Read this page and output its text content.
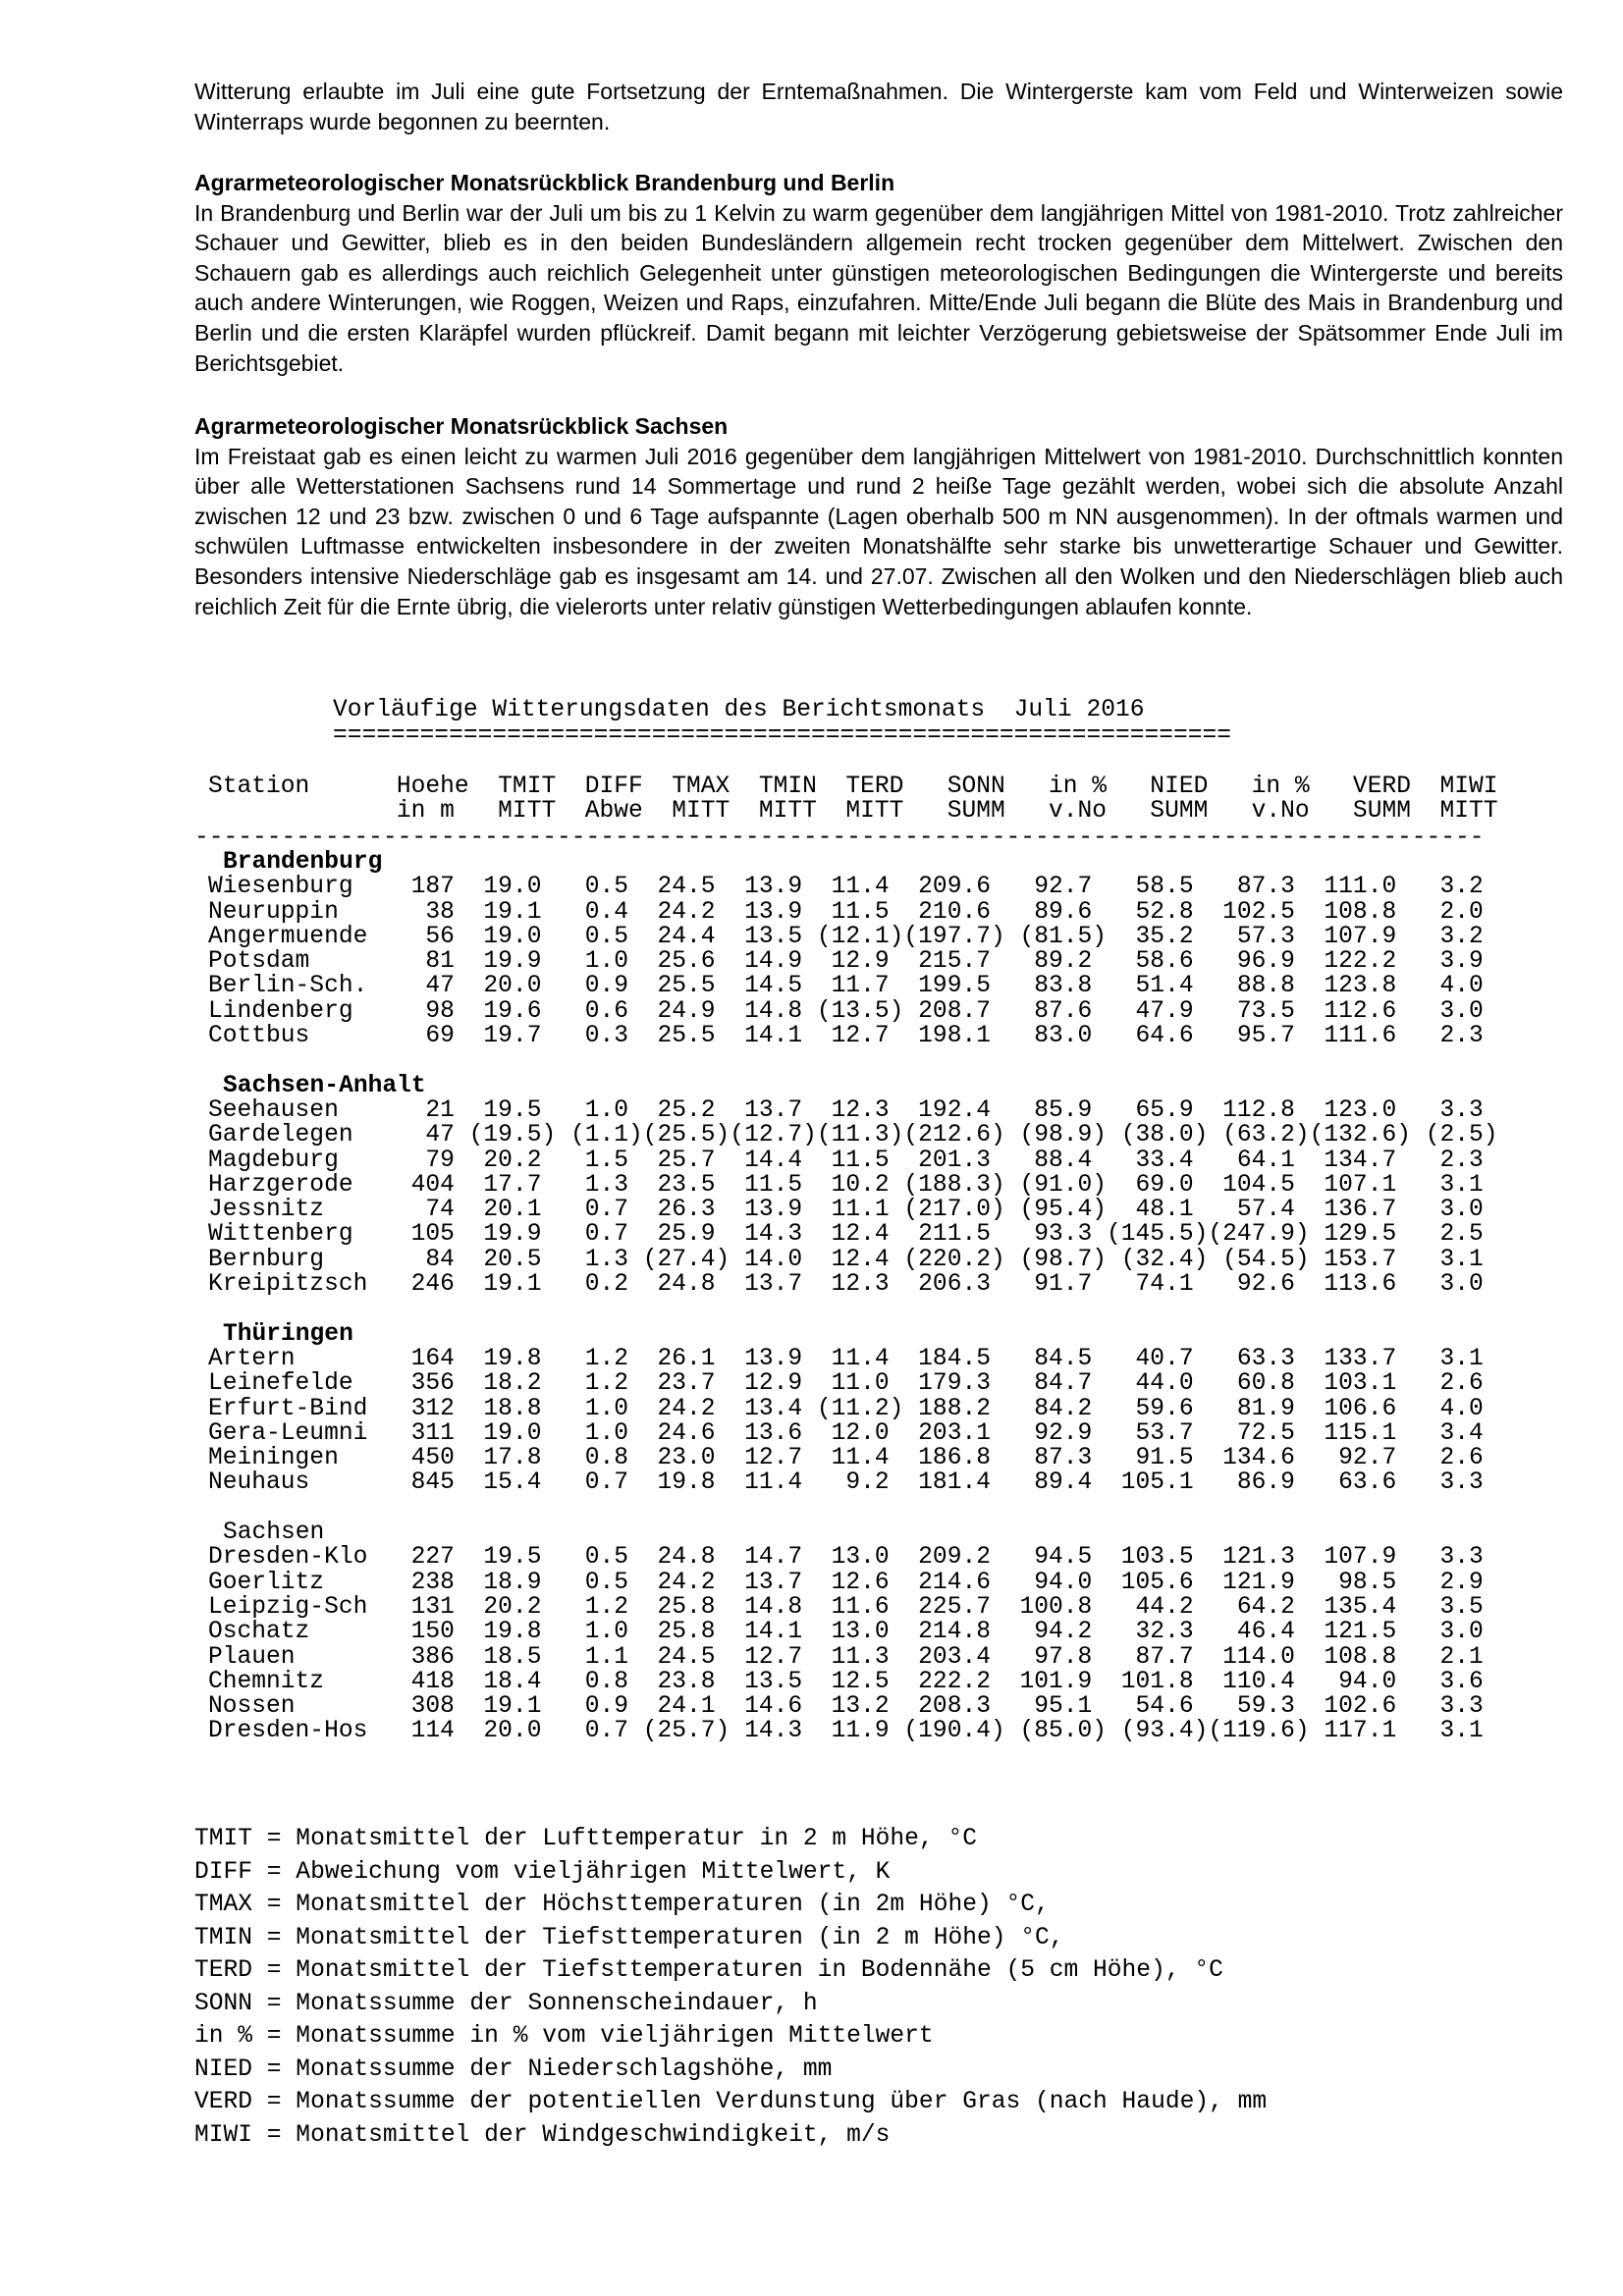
Witterung erlaubte im Juli eine gute Fortsetzung der Erntemaßnahmen. Die Wintergerste kam vom Feld und Winterweizen sowie Winterraps wurde begonnen zu beernten.

Agrarmeteorologischer Monatsrückblick Brandenburg und Berlin

In Brandenburg und Berlin war der Juli um bis zu 1 Kelvin zu warm gegenüber dem langjährigen Mittel von 1981-2010. Trotz zahlreicher Schauer und Gewitter, blieb es in den beiden Bundesländern allgemein recht trocken gegenüber dem Mittelwert. Zwischen den Schauern gab es allerdings auch reichlich Gelegenheit unter günstigen meteorologischen Bedingungen die Wintergerste und bereits auch andere Winterungen, wie Roggen, Weizen und Raps, einzufahren. Mitte/Ende Juli begann die Blüte des Mais in Brandenburg und Berlin und die ersten Klaräpfel wurden pflückreif. Damit begann mit leichter Verzögerung gebietsweise der Spätsommer Ende Juli im Berichtsgebiet.

Agrarmeteorologischer Monatsrückblick Sachsen

Im Freistaat gab es einen leicht zu warmen Juli 2016 gegenüber dem langjährigen Mittelwert von 1981-2010. Durchschnittlich konnten über alle Wetterstationen Sachsens rund 14 Sommertage und rund 2 heiße Tage gezählt werden, wobei sich die absolute Anzahl zwischen 12 und 23 bzw. zwischen 0 und 6 Tage aufspannte (Lagen oberhalb 500 m NN ausgenommen). In der oftmals warmen und schwülen Luftmasse entwickelten insbesondere in der zweiten Monatshälfte sehr starke bis unwetterartige Schauer und Gewitter. Besonders intensive Niederschläge gab es insgesamt am 14. und 27.07. Zwischen all den Wolken und den Niederschlägen blieb auch reichlich Zeit für die Ernte übrig, die vielerorts unter relativ günstigen Wetterbedingungen ablaufen konnte.

Vorläufige Witterungsdaten des Berichtsmonats  Juli 2016
==============================================================
Station      Hoehe  TMIT  DIFF  TMAX  TMIN  TERD   SONN   in %   NIED   in %   VERD  MIWI
in m   MITT  Abwe  MITT  MITT  MITT   SUMM   v.No   SUMM   v.No   SUMM  MITT
-----------------------------------------------------------------------------------------
Brandenburg
Wiesenburg    187  19.0   0.5  24.5  13.9  11.4  209.6   92.7   58.5   87.3  111.0   3.2
Neuruppin      38  19.1   0.4  24.2  13.9  11.5  210.6   89.6   52.8  102.5  108.8   2.0
Angermuende    56  19.0   0.5  24.4  13.5 (12.1)(197.7) (81.5)  35.2   57.3  107.9   3.2
Potsdam        81  19.9   1.0  25.6  14.9  12.9  215.7   89.2   58.6   96.9  122.2   3.9
Berlin-Sch.    47  20.0   0.9  25.5  14.5  11.7  199.5   83.8   51.4   88.8  123.8   4.0
Lindenberg     98  19.6   0.6  24.9  14.8 (13.5) 208.7   87.6   47.9   73.5  112.6   3.0
Cottbus        69  19.7   0.3  25.5  14.1  12.7  198.1   83.0   64.6   95.7  111.6   2.3
Sachsen-Anhalt
Seehausen      21  19.5   1.0  25.2  13.7  12.3  192.4   85.9   65.9  112.8  123.0   3.3
Gardelegen     47 (19.5) (1.1)(25.5)(12.7)(11.3)(212.6) (98.9) (38.0) (63.2)(132.6) (2.5)
Magdeburg      79  20.2   1.5  25.7  14.4  11.5  201.3   88.4   33.4   64.1  134.7   2.3
Harzgerode    404  17.7   1.3  23.5  11.5  10.2 (188.3) (91.0)  69.0  104.5  107.1   3.1
Jessnitz       74  20.1   0.7  26.3  13.9  11.1 (217.0) (95.4)  48.1   57.4  136.7   3.0
Wittenberg    105  19.9   0.7  25.9  14.3  12.4  211.5   93.3 (145.5)(247.9) 129.5   2.5
Bernburg       84  20.5   1.3 (27.4) 14.0  12.4 (220.2) (98.7) (32.4) (54.5) 153.7   3.1
Kreipitzsch   246  19.1   0.2  24.8  13.7  12.3  206.3   91.7   74.1   92.6  113.6   3.0
Thüringen
Artern        164  19.8   1.2  26.1  13.9  11.4  184.5   84.5   40.7   63.3  133.7   3.1
Leinefelde    356  18.2   1.2  23.7  12.9  11.0  179.3   84.7   44.0   60.8  103.1   2.6
Erfurt-Bind   312  18.8   1.0  24.2  13.4 (11.2) 188.2   84.2   59.6   81.9  106.6   4.0
Gera-Leumni   311  19.0   1.0  24.6  13.6  12.0  203.1   92.9   53.7   72.5  115.1   3.4
Meiningen     450  17.8   0.8  23.0  12.7  11.4  186.8   87.3   91.5  134.6   92.7   2.6
Neuhaus       845  15.4   0.7  19.8  11.4   9.2  181.4   89.4  105.1   86.9   63.6   3.3
Sachsen
Dresden-Klo   227  19.5   0.5  24.8  14.7  13.0  209.2   94.5  103.5  121.3  107.9   3.3
Goerlitz      238  18.9   0.5  24.2  13.7  12.6  214.6   94.0  105.6  121.9   98.5   2.9
Leipzig-Sch   131  20.2   1.2  25.8  14.8  11.6  225.7  100.8   44.2   64.2  135.4   3.5
Oschatz       150  19.8   1.0  25.8  14.1  13.0  214.8   94.2   32.3   46.4  121.5   3.0
Plauen        386  18.5   1.1  24.5  12.7  11.3  203.4   97.8   87.7  114.0  108.8   2.1
Chemnitz      418  18.4   0.8  23.8  13.5  12.5  222.2  101.9  101.8  110.4   94.0   3.6
Nossen        308  19.1   0.9  24.1  14.6  13.2  208.3   95.1   54.6   59.3  102.6   3.3
Dresden-Hos   114  20.0   0.7 (25.7) 14.3  11.9 (190.4) (85.0) (93.4)(119.6) 117.1   3.1
TMIT = Monatsmittel der Lufttemperatur in 2 m Höhe, °C
DIFF = Abweichung vom vieljährigen Mittelwert, K
TMAX = Monatsmittel der Höchsttemperaturen (in 2m Höhe) °C,
TMIN = Monatsmittel der Tiefsttemperaturen (in 2 m Höhe) °C,
TERD = Monatsmittel der Tiefsttemperaturen in Bodennähe (5 cm Höhe), °C
SONN = Monatssumme der Sonnenscheindauer, h
in % = Monatssumme in % vom vieljährigen Mittelwert
NIED = Monatssumme der Niederschlagshöhe, mm
VERD = Monatssumme der potentiellen Verdunstung über Gras (nach Haude), mm
MIWI = Monatsmittel der Windgeschwindigkeit, m/s
